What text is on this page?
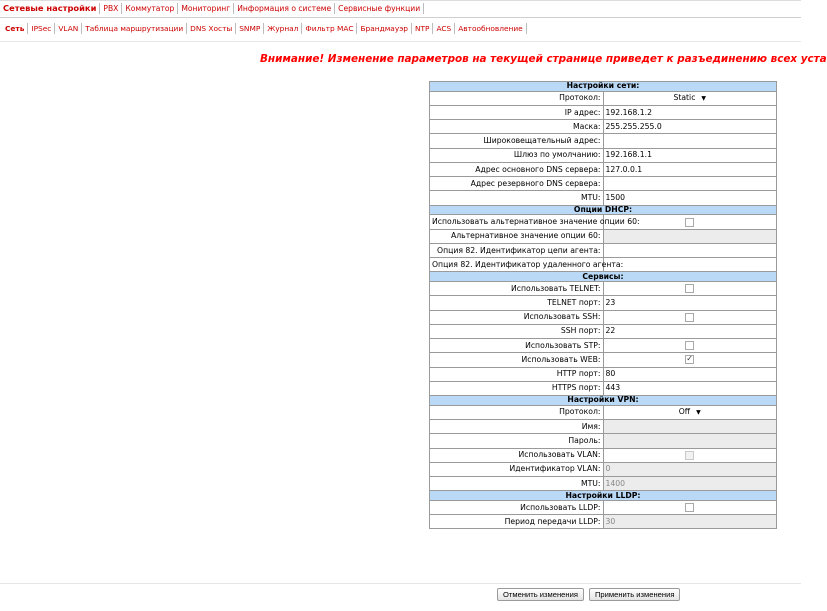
Сетевые настройки PBX Коммутатор Мониторинг Информация о системе Сервисные функции
Сеть IPSec VLAN Таблица маршрутизации DNS Хосты SNMP Журнал Фильтр MAC Брандмауэр NTP ACS Автообновление
Внимание! Изменение параметров на текущей странице приведет к разъединению всех уста
Настройки сети:	
Протокол:	Static ▼
IP адрес:	192.168.1.2
Маска:	255.255.255.0
Широковещательный адрес:	
Шлюз по умолчанию:	192.168.1.1
Адрес основного DNS сервера:	127.0.0.1
Адрес резервного DNS сервера:	
MTU:	1500
Опции DHCP:	
Использовать альтернативное значение опции 60:	
Альтернативное значение опции 60:	
Опция 82. Идентификатор цепи агента:	
Опция 82. Идентификатор удаленного агента:	
Сервисы:	
Использовать TELNET:	
TELNET порт:	23
Использовать SSH:	
SSH порт:	22
Использовать STP:	
Использовать WEB:	✓
HTTP порт:	80
HTTPS порт:	443
Настройки VPN:	
Протокол:	Off ▼
Имя:	
Пароль:	
Использовать VLAN:	
Идентификатор VLAN:	0
MTU:	1400
Настройки LLDP:	
Использовать LLDP:	
Период передачи LLDP:	30
Отменить изменения	Применить изменения
